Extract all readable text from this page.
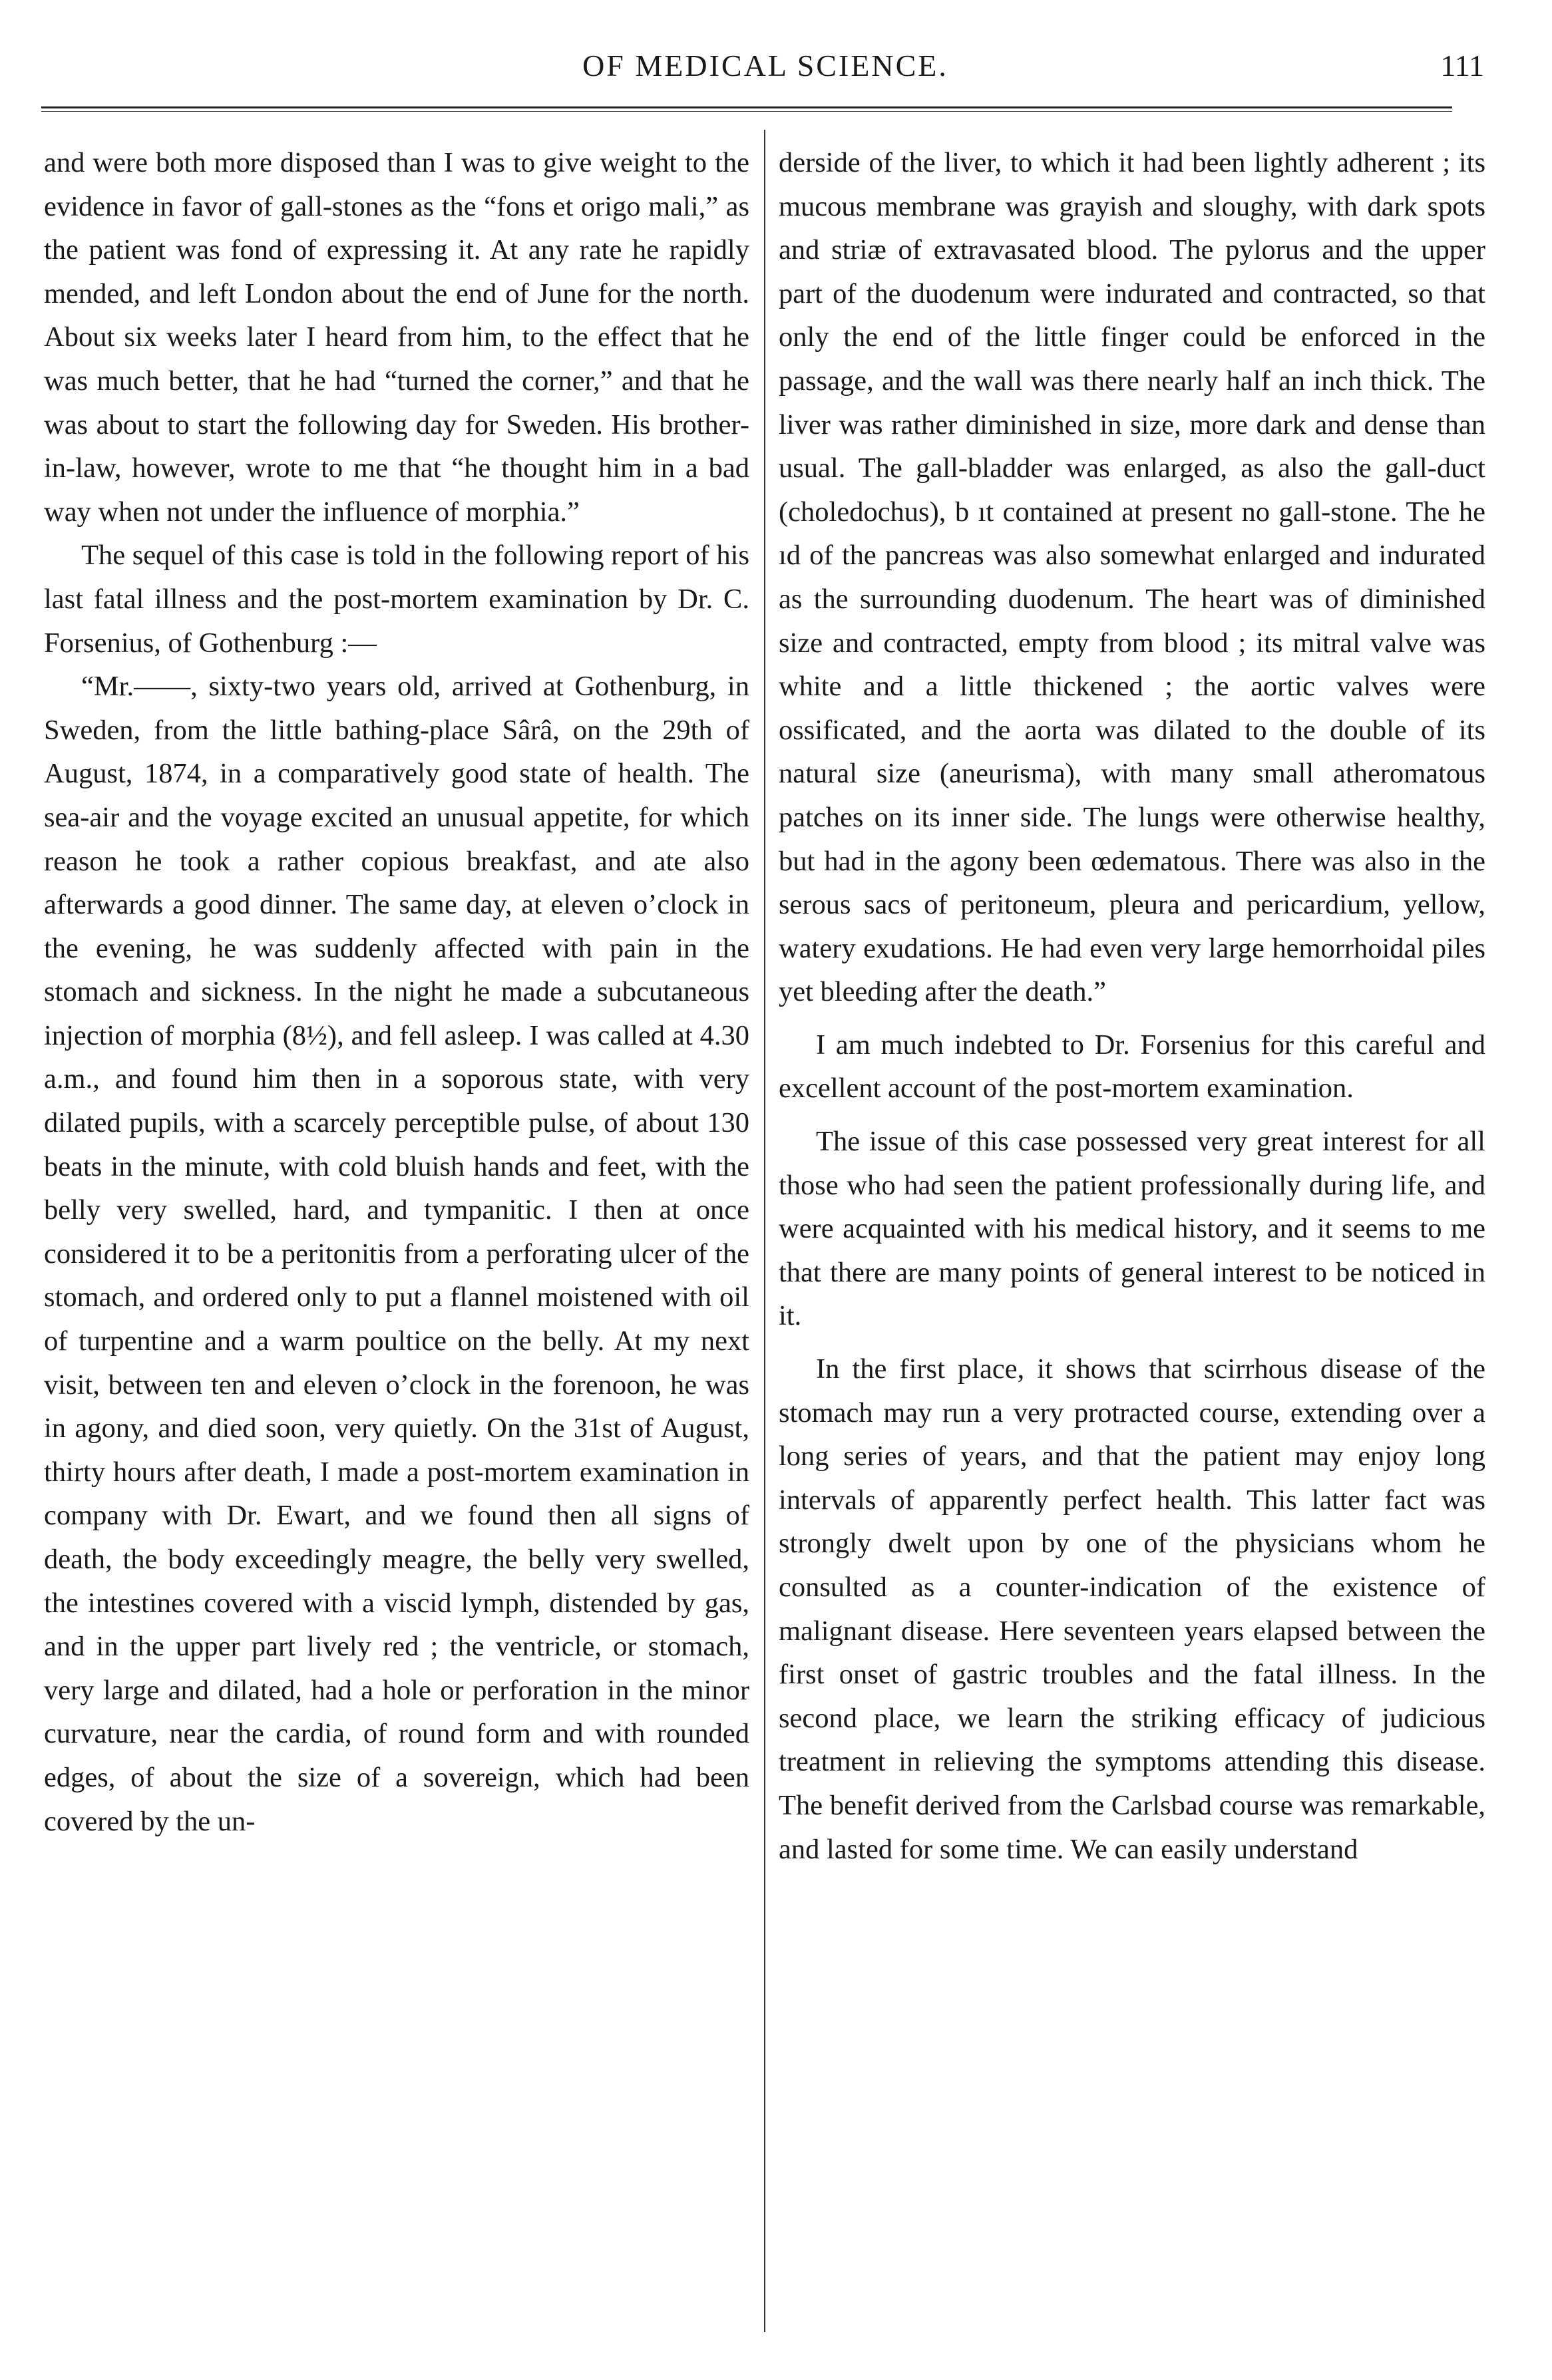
OF MEDICAL SCIENCE.	111

and were both more disposed than I was to give weight to the evidence in favor of gall-stones as the “fons et origo mali,” as the patient was fond of expressing it. At any rate he rapidly mended, and left London about the end of June for the north. About six weeks later I heard from him, to the effect that he was much better, that he had “turned the corner,” and that he was about to start the following day for Sweden. His brother-in-law, however, wrote to me that “he thought him in a bad way when not under the influence of morphia.”

The sequel of this case is told in the following report of his last fatal illness and the post-mortem examination by Dr. C. Forsenius, of Gothenburg :—

“Mr.——, sixty-two years old, arrived at Gothenburg, in Sweden, from the little bathing-place Sârâ, on the 29th of August, 1874, in a comparatively good state of health. The sea-air and the voyage excited an unusual appetite, for which reason he took a rather copious breakfast, and ate also afterwards a good dinner. The same day, at eleven o’clock in the evening, he was suddenly affected with pain in the stomach and sickness. In the night he made a subcutaneous injection of morphia (8½), and fell asleep. I was called at 4.30 a.m., and found him then in a soporous state, with very dilated pupils, with a scarcely perceptible pulse, of about 130 beats in the minute, with cold bluish hands and feet, with the belly very swelled, hard, and tympanitic. I then at once considered it to be a peritonitis from a perforating ulcer of the stomach, and ordered only to put a flannel moistened with oil of turpentine and a warm poultice on the belly. At my next visit, between ten and eleven o’clock in the forenoon, he was in agony, and died soon, very quietly. On the 31st of August, thirty hours after death, I made a post-mortem examination in company with Dr. Ewart, and we found then all signs of death, the body exceedingly meagre, the belly very swelled, the intestines covered with a viscid lymph, distended by gas, and in the upper part lively red ; the ventricle, or stomach, very large and dilated, had a hole or perforation in the minor curvature, near the cardia, of round form and with rounded edges, of about the size of a sovereign, which had been covered by the un-

derside of the liver, to which it had been lightly adherent ; its mucous membrane was grayish and sloughy, with dark spots and striæ of extravasated blood. The pylorus and the upper part of the duodenum were indurated and contracted, so that only the end of the little finger could be enforced in the passage, and the wall was there nearly half an inch thick. The liver was rather diminished in size, more dark and dense than usual. The gall-bladder was enlarged, as also the gall-duct (choledochus), b ıt contained at present no gall-stone. The he ıd of the pancreas was also somewhat enlarged and indurated as the surrounding duodenum. The heart was of diminished size and contracted, empty from blood ; its mitral valve was white and a little thickened ; the aortic valves were ossificated, and the aorta was dilated to the double of its natural size (aneurisma), with many small atheromatous patches on its inner side. The lungs were otherwise healthy, but had in the agony been œdematous. There was also in the serous sacs of peritoneum, pleura and pericardium, yellow, watery exudations. He had even very large hemorrhoidal piles yet bleeding after the death.”

I am much indebted to Dr. Forsenius for this careful and excellent account of the post-mortem examination.

The issue of this case possessed very great interest for all those who had seen the patient professionally during life, and were acquainted with his medical history, and it seems to me that there are many points of general interest to be noticed in it.

In the first place, it shows that scirrhous disease of the stomach may run a very protracted course, extending over a long series of years, and that the patient may enjoy long intervals of apparently perfect health. This latter fact was strongly dwelt upon by one of the physicians whom he consulted as a counter-indication of the existence of malignant disease. Here seventeen years elapsed between the first onset of gastric troubles and the fatal illness. In the second place, we learn the striking efficacy of judicious treatment in relieving the symptoms attending this disease. The benefit derived from the Carlsbad course was remarkable, and lasted for some time. We can easily understand
